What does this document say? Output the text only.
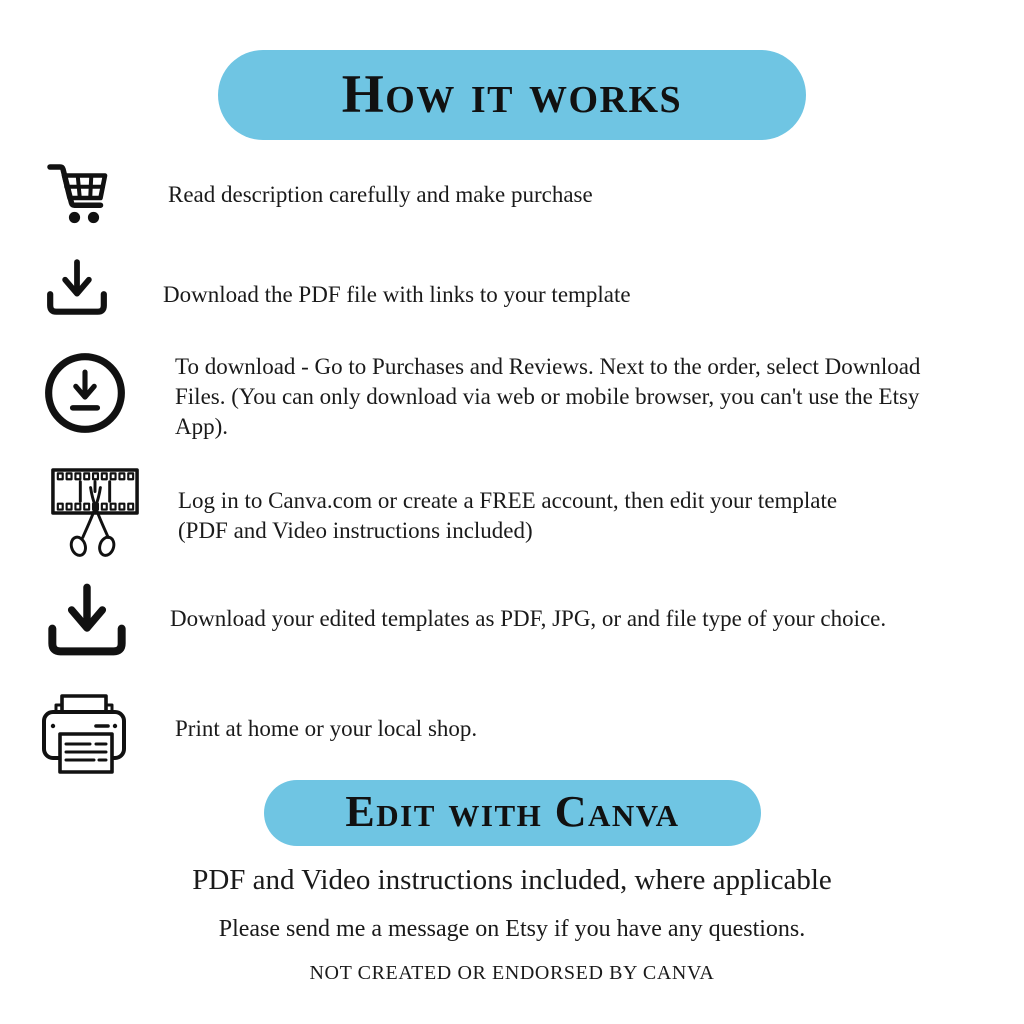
How it works
Read description carefully and make purchase
Download the PDF file with links to your template
To download - Go to Purchases and Reviews. Next to the order, select Download Files. (You can only download via web or mobile browser, you can't use the Etsy App).
Log in to Canva.com or create a FREE account, then edit your template (PDF and Video instructions included)
Download your edited templates as PDF, JPG, or and file type of your choice.
Print at home or your local shop.
Edit with Canva
PDF and Video instructions included, where applicable
Please send me a message on Etsy if you have any questions.
NOT CREATED OR ENDORSED BY CANVA
